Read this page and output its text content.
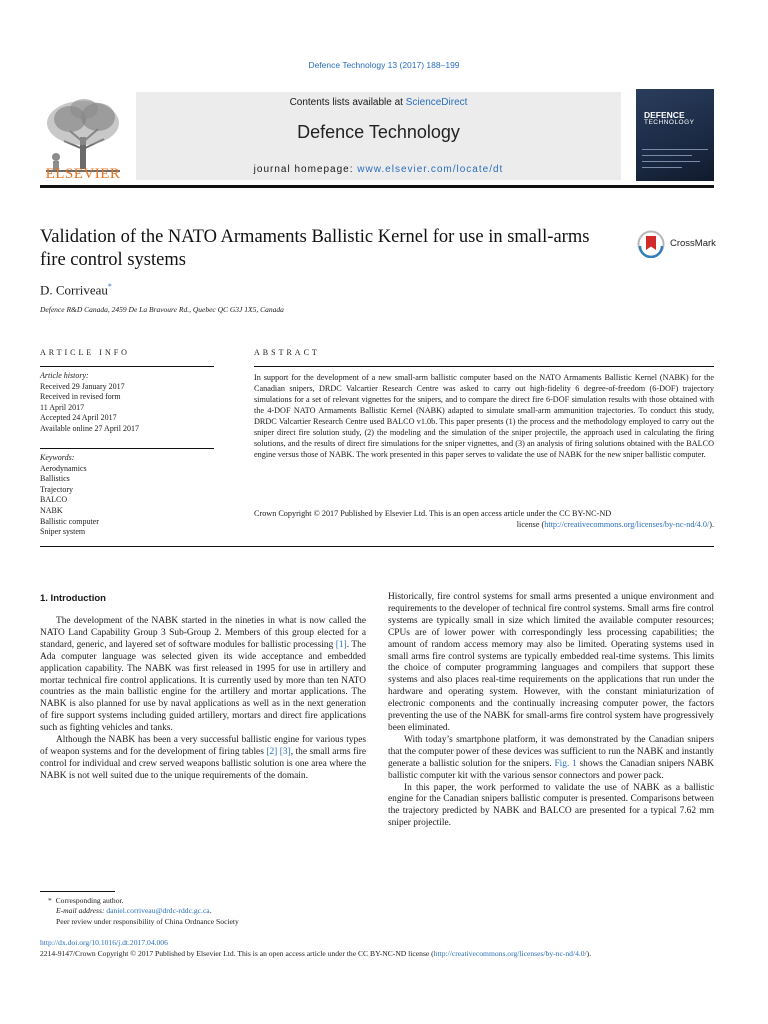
Defence Technology 13 (2017) 188–199
ELSEVIER
Contents lists available at ScienceDirect
Defence Technology
journal homepage: www.elsevier.com/locate/dt
DEFENCE
TECHNOLOGY
Validation of the NATO Armaments Ballistic Kernel for use in small-arms fire control systems
CrossMark
D. Corriveau*
Defence R&D Canada, 2459 De La Bravoure Rd., Quebec QC G3J 1X5, Canada
ARTICLE INFO	ABSTRACT
Article history:
Received 29 January 2017
Received in revised form
11 April 2017
Accepted 24 April 2017
Available online 27 April 2017
Keywords:
Aerodynamics
Ballistics
Trajectory
BALCO
NABK
Ballistic computer
Sniper system
In support for the development of a new small-arm ballistic computer based on the NATO Armaments Ballistic Kernel (NABK) for the Canadian snipers, DRDC Valcartier Research Centre was asked to carry out high-fidelity 6 degree-of-freedom (6-DOF) trajectory simulations for a set of relevant vignettes for the snipers, and to compare the direct fire 6-DOF simulation results with those obtained with the 4-DOF NATO Armaments Ballistic Kernel (NABK) adapted to simulate small-arm ammunition trajectories. To conduct this study, DRDC Valcartier Research Centre used BALCO v1.0b. This paper presents (1) the process and the methodology employed to carry out the sniper direct fire solution study, (2) the modeling and the simulation of the sniper projectile, the approach used in calculating the firing solutions, and the results of direct fire simulations for the sniper vignettes, and (3) an analysis of firing solutions obtained with the BALCO engine versus those of NABK. The work presented in this paper serves to validate the use of NABK for the new sniper ballistic computer.
Crown Copyright © 2017 Published by Elsevier Ltd. This is an open access article under the CC BY-NC-ND
license (http://creativecommons.org/licenses/by-nc-nd/4.0/).
1. Introduction

The development of the NABK started in the nineties in what is now called the NATO Land Capability Group 3 Sub-Group 2. Members of this group elected for a standard, generic, and layered set of software modules for ballistic processing [1]. The Ada computer language was selected given its wide acceptance and embedded application capability. The NABK was first released in 1995 for use in artillery and mortar technical fire control applications. It is currently used by more than ten NATO countries as the main ballistic engine for the artillery and mortar applications. The NABK is also planned for use by naval applications as well as in the next generation of fire support systems including guided artillery, mortars and direct fire applications such as fighting vehicles and tanks.

Although the NABK has been a very successful ballistic engine for various types of weapon systems and for the development of firing tables [2] [3], the small arms fire control for individual and crew served weapons ballistic solution is one area where the NABK is not well suited due to the unique requirements of the domain.

Historically, fire control systems for small arms presented a unique environment and requirements to the developer of technical fire control systems. Small arms fire control systems are typically small in size which limited the available computer resources; CPUs are of lower power with correspondingly less processing capabilities; the amount of random access memory may also be limited. Operating systems used in small arms fire control systems are typically embedded real-time systems. This limits the choice of computer programming languages and compilers that support these systems and also places real-time requirements on the applications that run under the hardware and operating system. However, with the constant miniaturization of electronic components and the continually increasing computer power, the factors preventing the use of the NABK for small-arms fire control system have progressively been eliminated.

With today’s smartphone platform, it was demonstrated by the Canadian snipers that the computer power of these devices was sufficient to run the NABK and instantly generate a ballistic solution for the snipers. Fig. 1 shows the Canadian snipers NABK ballistic computer kit with the various sensor connectors and power pack.

In this paper, the work performed to validate the use of NABK as a ballistic engine for the Canadian snipers ballistic computer is presented. Comparisons between the trajectory predicted by NABK and BALCO are presented for a typical 7.62 mm sniper projectile.

* Corresponding author.
E-mail address: daniel.corriveau@drdc-rddc.gc.ca.
Peer review under responsibility of China Ordnance Society
http://dx.doi.org/10.1016/j.dt.2017.04.006
2214-9147/Crown Copyright © 2017 Published by Elsevier Ltd. This is an open access article under the CC BY-NC-ND license (http://creativecommons.org/licenses/by-nc-nd/4.0/).
